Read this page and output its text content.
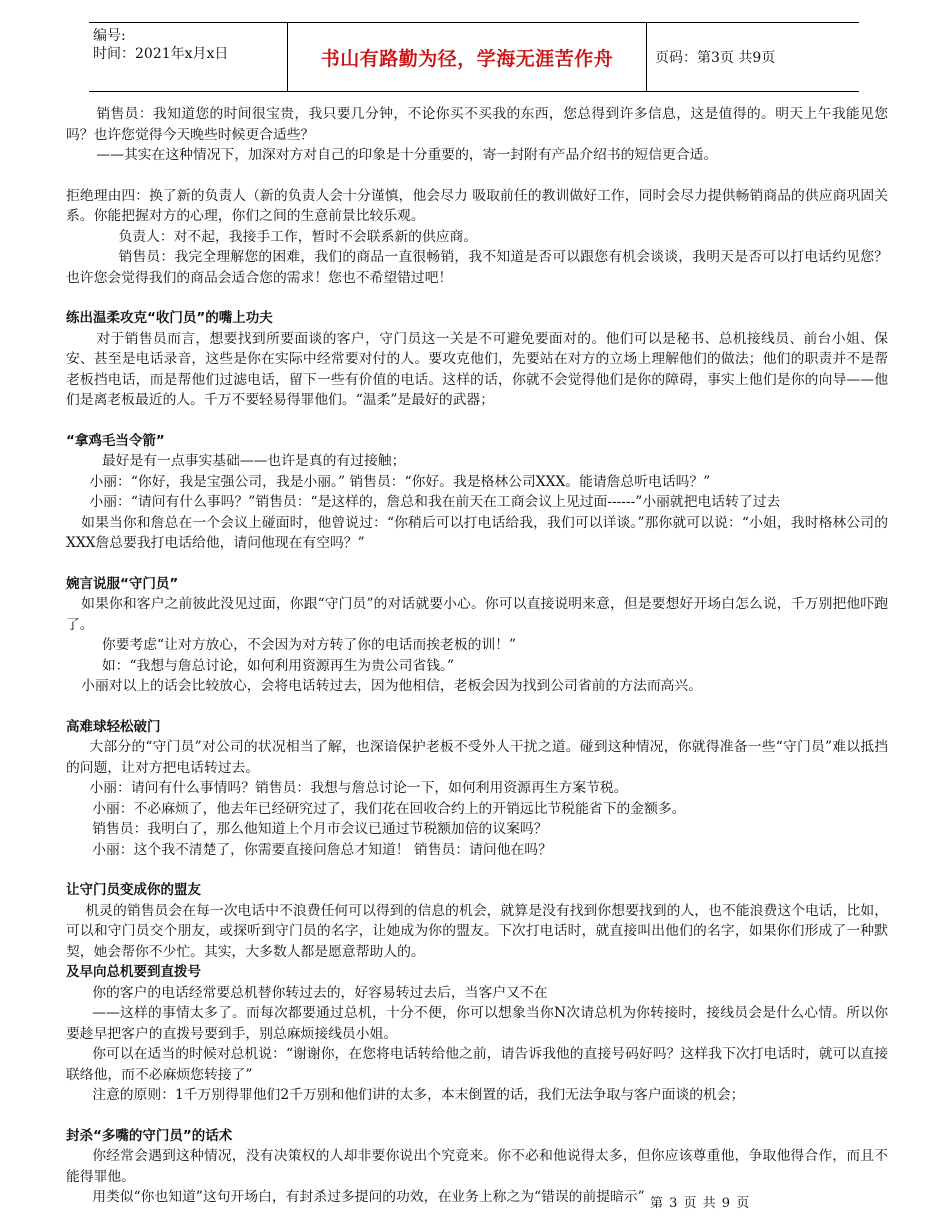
编号:
时间：2021年x月x日	书山有路勤为径，学海无涯苦作舟	页码：第3页 共9页

销售员：我知道您的时间很宝贵，我只要几分钟，不论你买不买我的东西，您总得到许多信息，这是值得的。明天上午我能见您吗？也许您觉得今天晚些时候更合适些？

——其实在这种情况下，加深对方对自己的印象是十分重要的，寄一封附有产品介绍书的短信更合适。

拒绝理由四：换了新的负责人（新的负责人会十分谨慎，他会尽力 吸取前任的教训做好工作，同时会尽力提供畅销商品的供应商巩固关系。你能把握对方的心理，你们之间的生意前景比较乐观。

负责人：对不起，我接手工作，暂时不会联系新的供应商。

销售员：我完全理解您的困难，我们的商品一直很畅销，我不知道是否可以跟您有机会谈谈，我明天是否可以打电话约见您？也许您会觉得我们的商品会适合您的需求！您也不希望错过吧！

练出温柔攻克“收门员”的嘴上功夫

对于销售员而言，想要找到所要面谈的客户，守门员这一关是不可避免要面对的。他们可以是秘书、总机接线员、前台小姐、保安、甚至是电话录音，这些是你在实际中经常要对付的人。要攻克他们，先要站在对方的立场上理解他们的做法；他们的职责并不是帮老板挡电话，而是帮他们过滤电话，留下一些有价值的电话。这样的话，你就不会觉得他们是你的障碍，事实上他们是你的向导——他们是离老板最近的人。千万不要轻易得罪他们。“温柔”是最好的武器；

“拿鸡毛当令箭”

最好是有一点事实基础——也许是真的有过接触；

小丽：“你好，我是宝强公司，我是小丽。” 销售员：“你好。我是格林公司XXX。能请詹总听电话吗？”

小丽：“请问有什么事吗？”销售员：“是这样的，詹总和我在前天在工商会议上见过面------”小丽就把电话转了过去

如果当你和詹总在一个会议上碰面时，他曾说过：“你稍后可以打电话给我，我们可以详谈。”那你就可以说：“小姐，我时格林公司的XXX詹总要我打电话给他，请问他现在有空吗？”

婉言说服“守门员”

如果你和客户之前彼此没见过面，你跟“守门员”的对话就要小心。你可以直接说明来意，但是要想好开场白怎么说，千万别把他吓跑了。

你要考虑“让对方放心，不会因为对方转了你的电话而挨老板的训！”

如：“我想与詹总讨论，如何利用资源再生为贵公司省钱。”

小丽对以上的话会比较放心，会将电话转过去，因为他相信，老板会因为找到公司省前的方法而高兴。

高难球轻松破门

大部分的“守门员”对公司的状况相当了解，也深谙保护老板不受外人干扰之道。碰到这种情况，你就得准备一些“守门员”难以抵挡的问题，让对方把电话转过去。

小丽：请问有什么事情吗？销售员：我想与詹总讨论一下，如何利用资源再生方案节税。

小丽：不必麻烦了，他去年已经研究过了，我们花在回收合约上的开销远比节税能省下的金额多。

销售员：我明白了，那么他知道上个月市会议已通过节税额加倍的议案吗？

小丽：这个我不清楚了，你需要直接问詹总才知道！ 销售员：请问他在吗？

让守门员变成你的盟友

机灵的销售员会在每一次电话中不浪费任何可以得到的信息的机会，就算是没有找到你想要找到的人，也不能浪费这个电话，比如，可以和守门员交个朋友，或探听到守门员的名字，让她成为你的盟友。下次打电话时，就直接叫出他们的名字，如果你们形成了一种默契，她会帮你不少忙。其实，大多数人都是愿意帮助人的。

及早向总机要到直拨号

你的客户的电话经常要总机替你转过去的，好容易转过去后，当客户又不在

——这样的事情太多了。而每次都要通过总机，十分不便，你可以想象当你N次请总机为你转接时，接线员会是什么心情。所以你要趁早把客户的直拨号要到手，别总麻烦接线员小姐。

你可以在适当的时候对总机说：“谢谢你，在您将电话转给他之前，请告诉我他的直接号码好吗？这样我下次打电话时，就可以直接联络他，而不必麻烦您转接了”

注意的原则：1千万别得罪他们2千万别和他们讲的太多，本末倒置的话，我们无法争取与客户面谈的机会；

封杀“多嘴的守门员”的话术

你经常会遇到这种情况，没有决策权的人却非要你说出个究竟来。你不必和他说得太多，但你应该尊重他，争取他得合作，而且不能得罪他。

用类似“你也知道”这句开场白，有封杀过多提问的功效，在业务上称之为“错误的前提暗示” 第 3 页 共 9 页
